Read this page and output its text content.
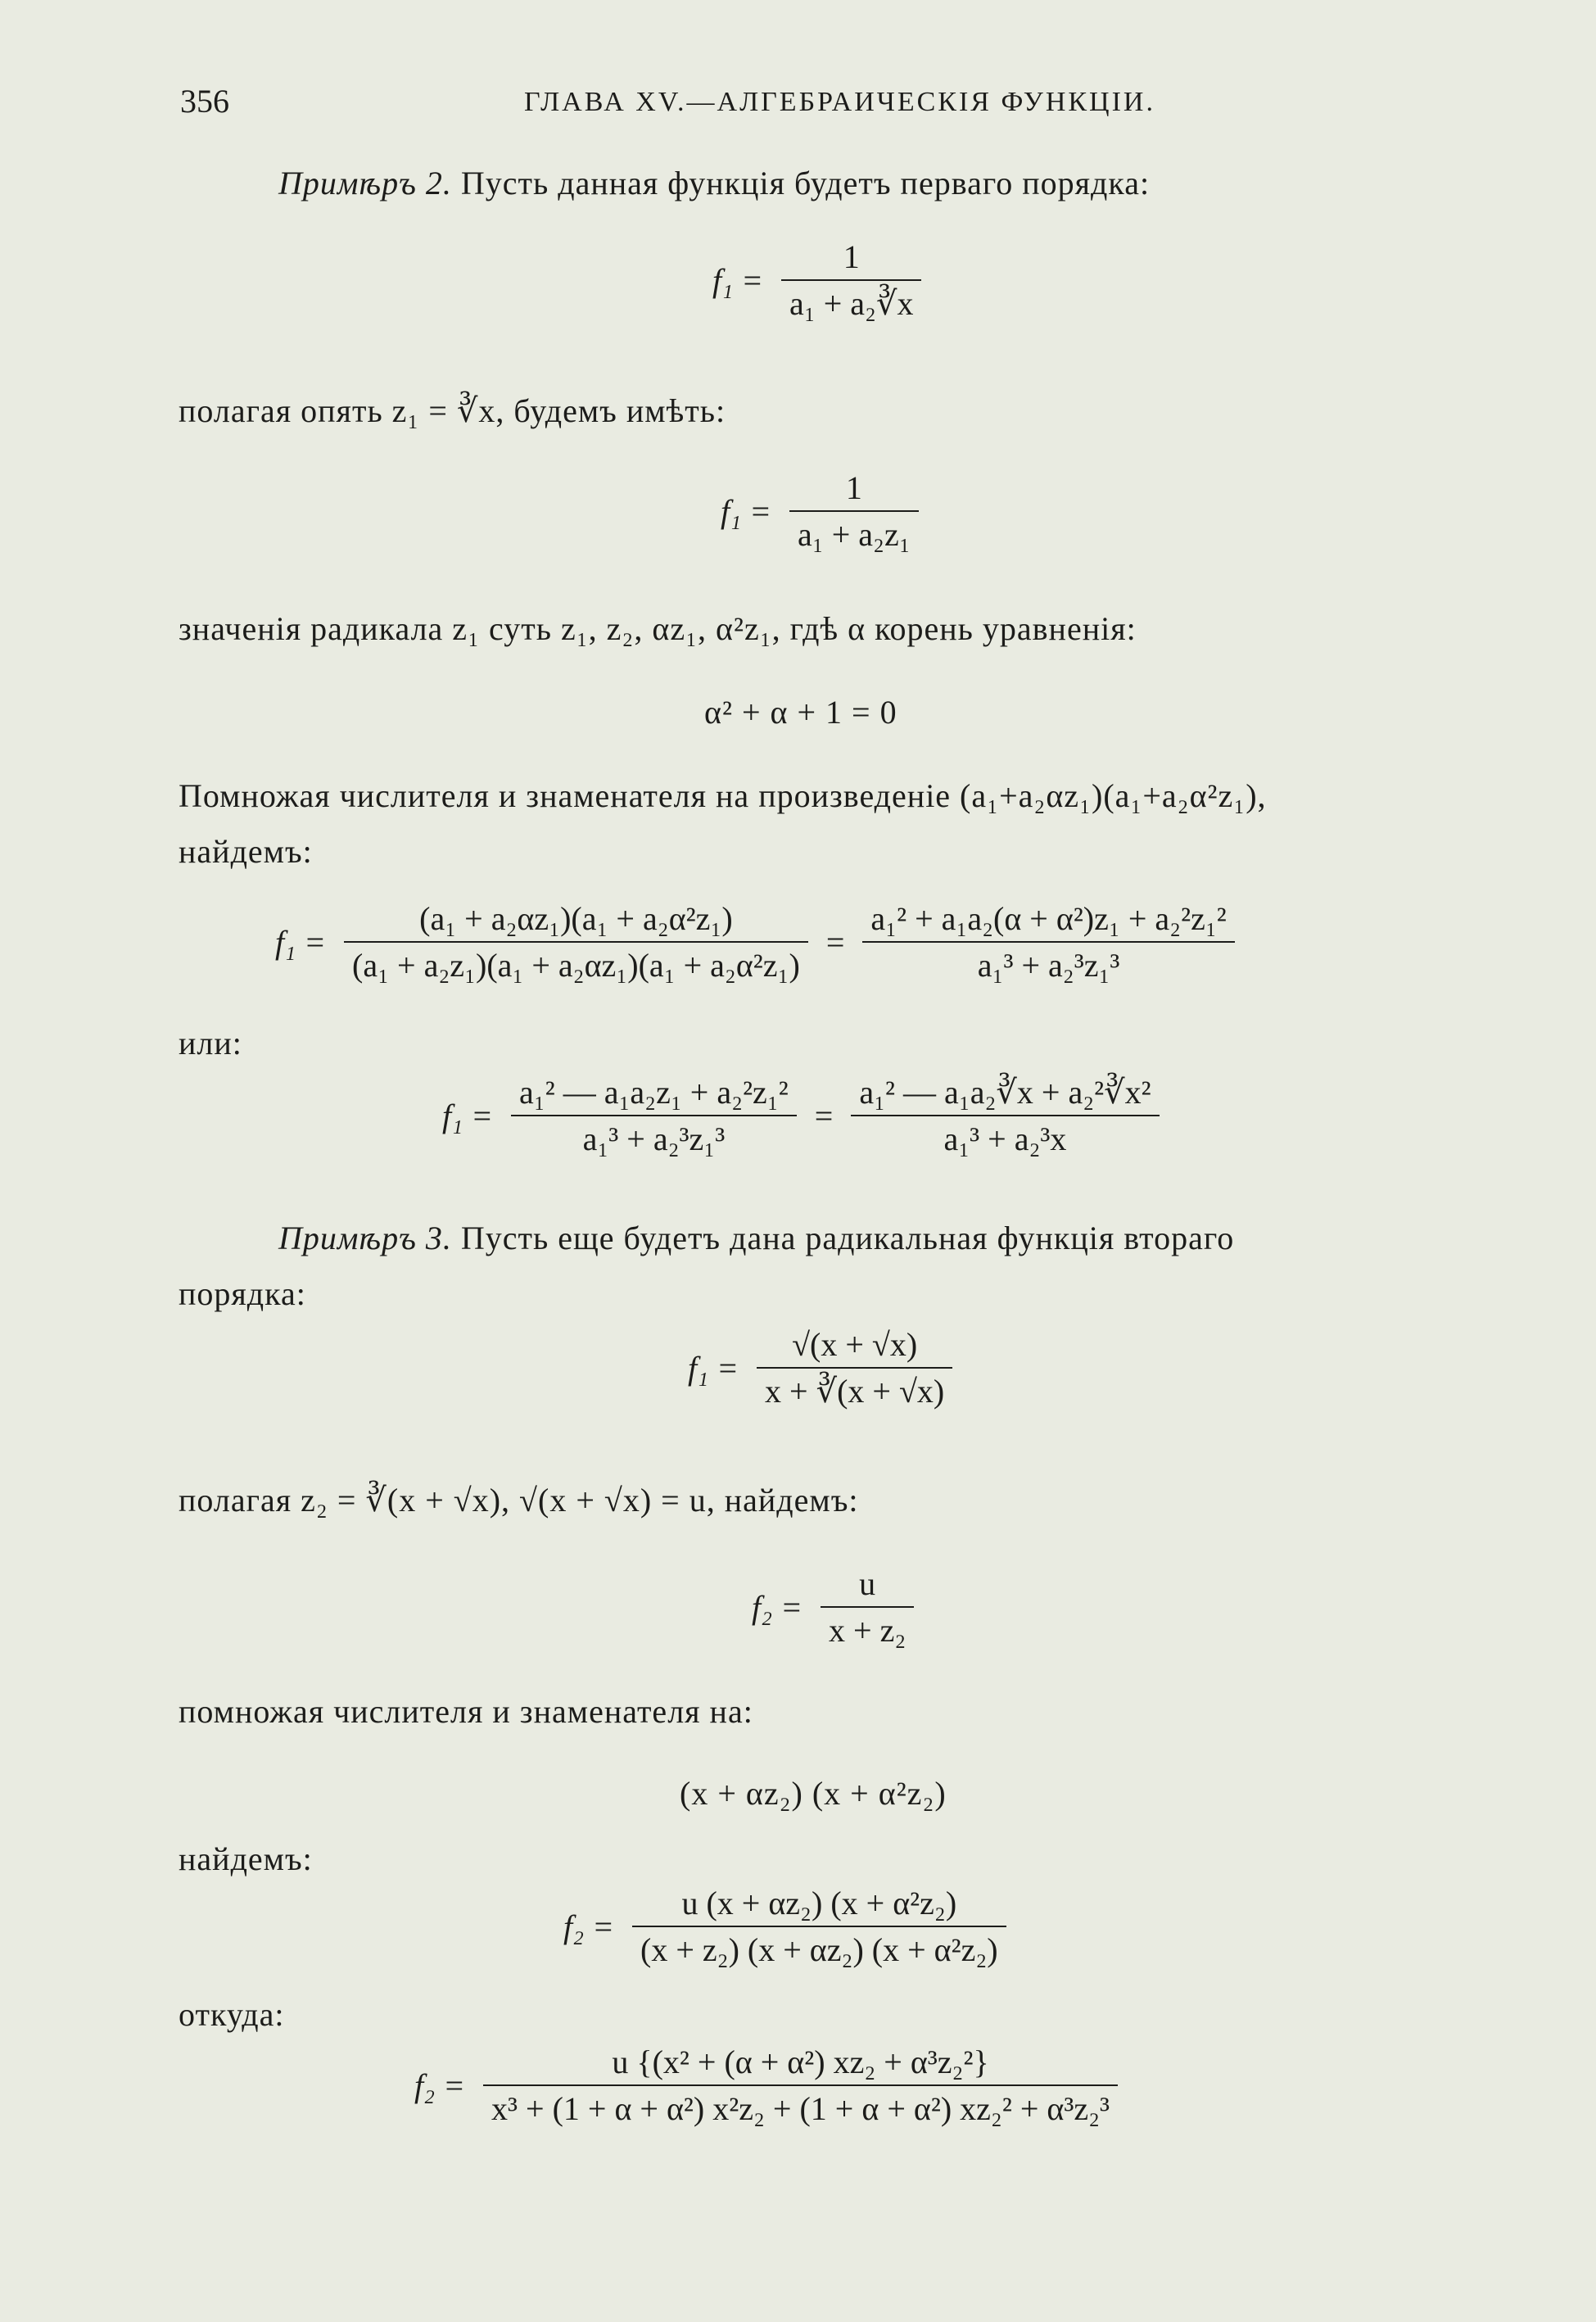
356	ГЛАВА XV.—АЛГЕБРАИЧЕСКІЯ ФУНКЦІИ.
Примѣръ 2. Пусть данная функція будетъ перваго порядка:
$f_1 = \frac{1}{\text{a₁ + a₂∛x}}$
полагая опять z₁ = ∛x, будемъ имѣть:
$f_1 = \frac{1}{\text{a₁ + a₂z₁}}$
значенія радикала z₁ суть z₁, z₂, αz₁, α²z₁, гдѣ α корень уравненія:
α² + α + 1 = 0
Помножая числителя и знаменателя на произведеніе (a₁+a₂αz₁)(a₁+a₂α²z₁),
найдемъ:
$f_1 = \frac{\text{(a₁ + a₂αz₁)(a₁ + a₂α²z₁)}}{\text{(a₁ + a₂z₁)(a₁ + a₂αz₁)(a₁ + a₂α²z₁)}} = \frac{\text{a₁² + a₁a₂(α + α²)z₁ + a₂²z₁²}}{\text{a₁³ + a₂³z₁³}}$
или:
$f_1 = \frac{\text{a₁² — a₁a₂z₁ + a₂²z₁²}}{\text{a₁³ + a₂³z₁³}} = \frac{\text{a₁² — a₁a₂∛x + a₂²∛x²}}{\text{a₁³ + a₂³x}}$
Примѣръ 3. Пусть еще будетъ дана радикальная функція втораго
порядка:
$f_1 = \frac{√(x + √x)}{x + ∛(x + √x)}$
полагая z₂ = ∛(x + √x), √(x + √x) = u, найдемъ:
$f_2 = \frac{u}{\text{x + z₂}}$
помножая числителя и знаменателя на:
(x + αz₂) (x + α²z₂)
найдемъ:
$f_2 = \frac{\text{u (x + αz₂) (x + α²z₂)}}{\text{(x + z₂) (x + αz₂) (x + α²z₂)}}$
откуда:
$f_2 = \frac{\text{u \{(x² + (α + α²) xz₂ + α³z₂²\}}}{\text{x³ + (1 + α + α²) x²z₂ + (1 + α + α²) xz₂² + α³z₂³}}$
